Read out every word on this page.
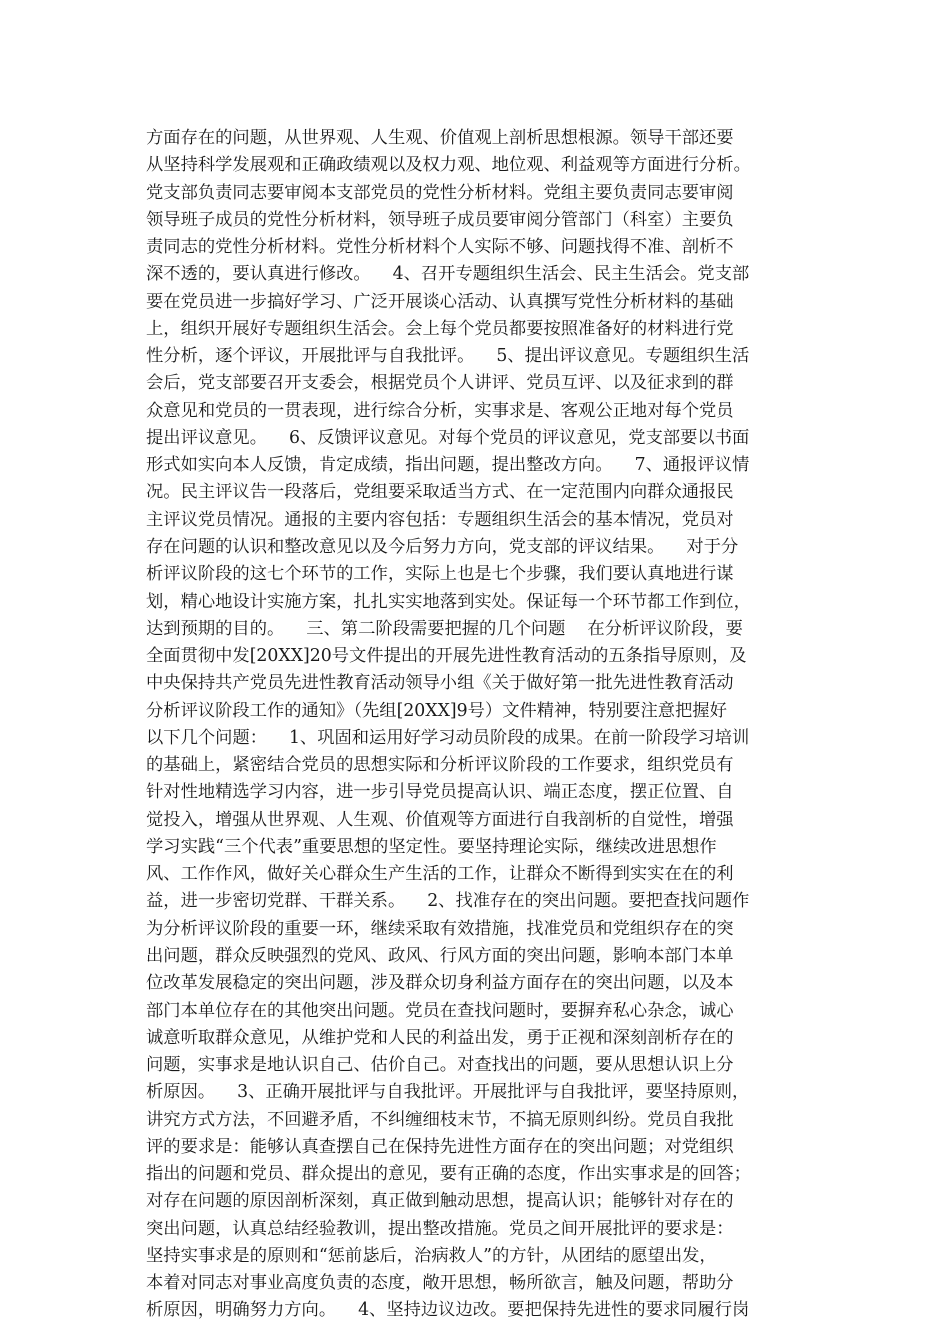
方面存在的问题，从世界观、人生观、价值观上剖析思想根源。领导干部还要
从坚持科学发展观和正确政绩观以及权力观、地位观、利益观等方面进行分析。
党支部负责同志要审阅本支部党员的党性分析材料。党组主要负责同志要审阅
领导班子成员的党性分析材料，领导班子成员要审阅分管部门（科室）主要负
责同志的党性分析材料。党性分析材料个人实际不够、问题找得不准、剖析不
深不透的，要认真进行修改。    4、召开专题组织生活会、民主生活会。党支部
要在党员进一步搞好学习、广泛开展谈心活动、认真撰写党性分析材料的基础
上，组织开展好专题组织生活会。会上每个党员都要按照准备好的材料进行党
性分析，逐个评议，开展批评与自我批评。    5、提出评议意见。专题组织生活
会后，党支部要召开支委会，根据党员个人讲评、党员互评、以及征求到的群
众意见和党员的一贯表现，进行综合分析，实事求是、客观公正地对每个党员
提出评议意见。    6、反馈评议意见。对每个党员的评议意见，党支部要以书面
形式如实向本人反馈，肯定成绩，指出问题，提出整改方向。    7、通报评议情
况。民主评议告一段落后，党组要采取适当方式、在一定范围内向群众通报民
主评议党员情况。通报的主要内容包括：专题组织生活会的基本情况，党员对
存在问题的认识和整改意见以及今后努力方向，党支部的评议结果。    对于分
析评议阶段的这七个环节的工作，实际上也是七个步骤，我们要认真地进行谋
划，精心地设计实施方案，扎扎实实地落到实处。保证每一个环节都工作到位，
达到预期的目的。    三、第二阶段需要把握的几个问题    在分析评议阶段，要
全面贯彻中发[20XX]20号文件提出的开展先进性教育活动的五条指导原则，及
中央保持共产党员先进性教育活动领导小组《关于做好第一批先进性教育活动
分析评议阶段工作的通知》（先组[20XX]9号）文件精神，特别要注意把握好
以下几个问题：    1、巩固和运用好学习动员阶段的成果。在前一阶段学习培训
的基础上，紧密结合党员的思想实际和分析评议阶段的工作要求，组织党员有
针对性地精选学习内容，进一步引导党员提高认识、端正态度，摆正位置、自
觉投入，增强从世界观、人生观、价值观等方面进行自我剖析的自觉性，增强
学习实践“三个代表”重要思想的坚定性。要坚持理论实际，继续改进思想作
风、工作作风，做好关心群众生产生活的工作，让群众不断得到实实在在的利
益，进一步密切党群、干群关系。    2、找准存在的突出问题。要把查找问题作
为分析评议阶段的重要一环，继续采取有效措施，找准党员和党组织存在的突
出问题，群众反映强烈的党风、政风、行风方面的突出问题，影响本部门本单
位改革发展稳定的突出问题，涉及群众切身利益方面存在的突出问题，以及本
部门本单位存在的其他突出问题。党员在查找问题时，要摒弃私心杂念，诚心
诚意听取群众意见，从维护党和人民的利益出发，勇于正视和深刻剖析存在的
问题，实事求是地认识自己、估价自己。对查找出的问题，要从思想认识上分
析原因。    3、正确开展批评与自我批评。开展批评与自我批评，要坚持原则，
讲究方式方法，不回避矛盾，不纠缠细枝末节，不搞无原则纠纷。党员自我批
评的要求是：能够认真查摆自己在保持先进性方面存在的突出问题；对党组织
指出的问题和党员、群众提出的意见，要有正确的态度，作出实事求是的回答；
对存在问题的原因剖析深刻，真正做到触动思想，提高认识；能够针对存在的
突出问题，认真总结经验教训，提出整改措施。党员之间开展批评的要求是：
坚持实事求是的原则和“惩前毖后，治病救人”的方针，从团结的愿望出发，
本着对同志对事业高度负责的态度，敞开思想，畅所欲言，触及问题，帮助分
析原因，明确努力方向。    4、坚持边议边改。要把保持先进性的要求同履行岗
